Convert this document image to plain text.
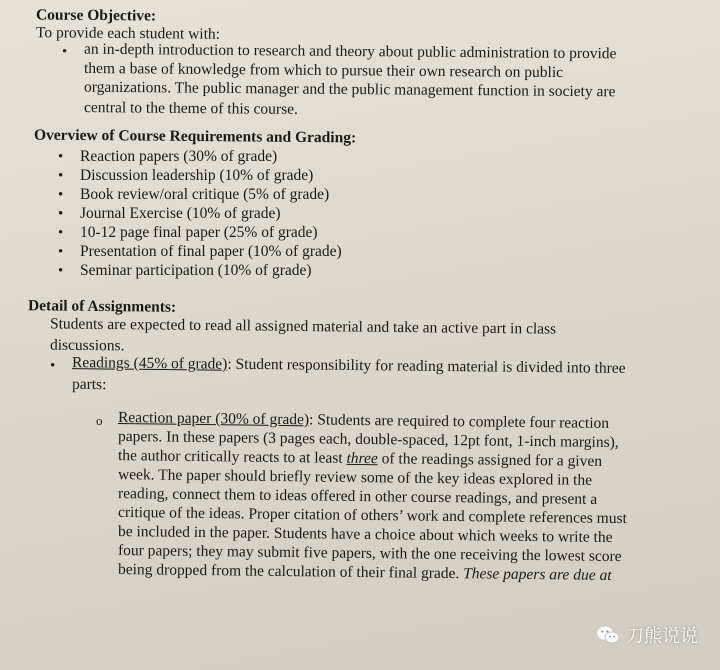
Course Objective:
To provide each student with:
• an in-depth introduction to research and theory about public administration to provide
them a base of knowledge from which to pursue their own research on public
organizations. The public manager and the public management function in society are
central to the theme of this course.
Overview of Course Requirements and Grading:
• Reaction papers (30% of grade)
• Discussion leadership (10% of grade)
• Book review/oral critique (5% of grade)
• Journal Exercise (10% of grade)
• 10-12 page final paper (25% of grade)
• Presentation of final paper (10% of grade)
• Seminar participation (10% of grade)
Detail of Assignments:
Students are expected to read all assigned material and take an active part in class
discussions.
• Readings (45% of grade): Student responsibility for reading material is divided into three
parts:
o Reaction paper (30% of grade): Students are required to complete four reaction
papers. In these papers (3 pages each, double-spaced, 12pt font, 1-inch margins),
the author critically reacts to at least three of the readings assigned for a given
week. The paper should briefly review some of the key ideas explored in the
reading, connect them to ideas offered in other course readings, and present a
critique of the ideas. Proper citation of others’ work and complete references must
be included in the paper. Students have a choice about which weeks to write the
four papers; they may submit five papers, with the one receiving the lowest score
being dropped from the calculation of their final grade. These papers are due at
刀熊说说
